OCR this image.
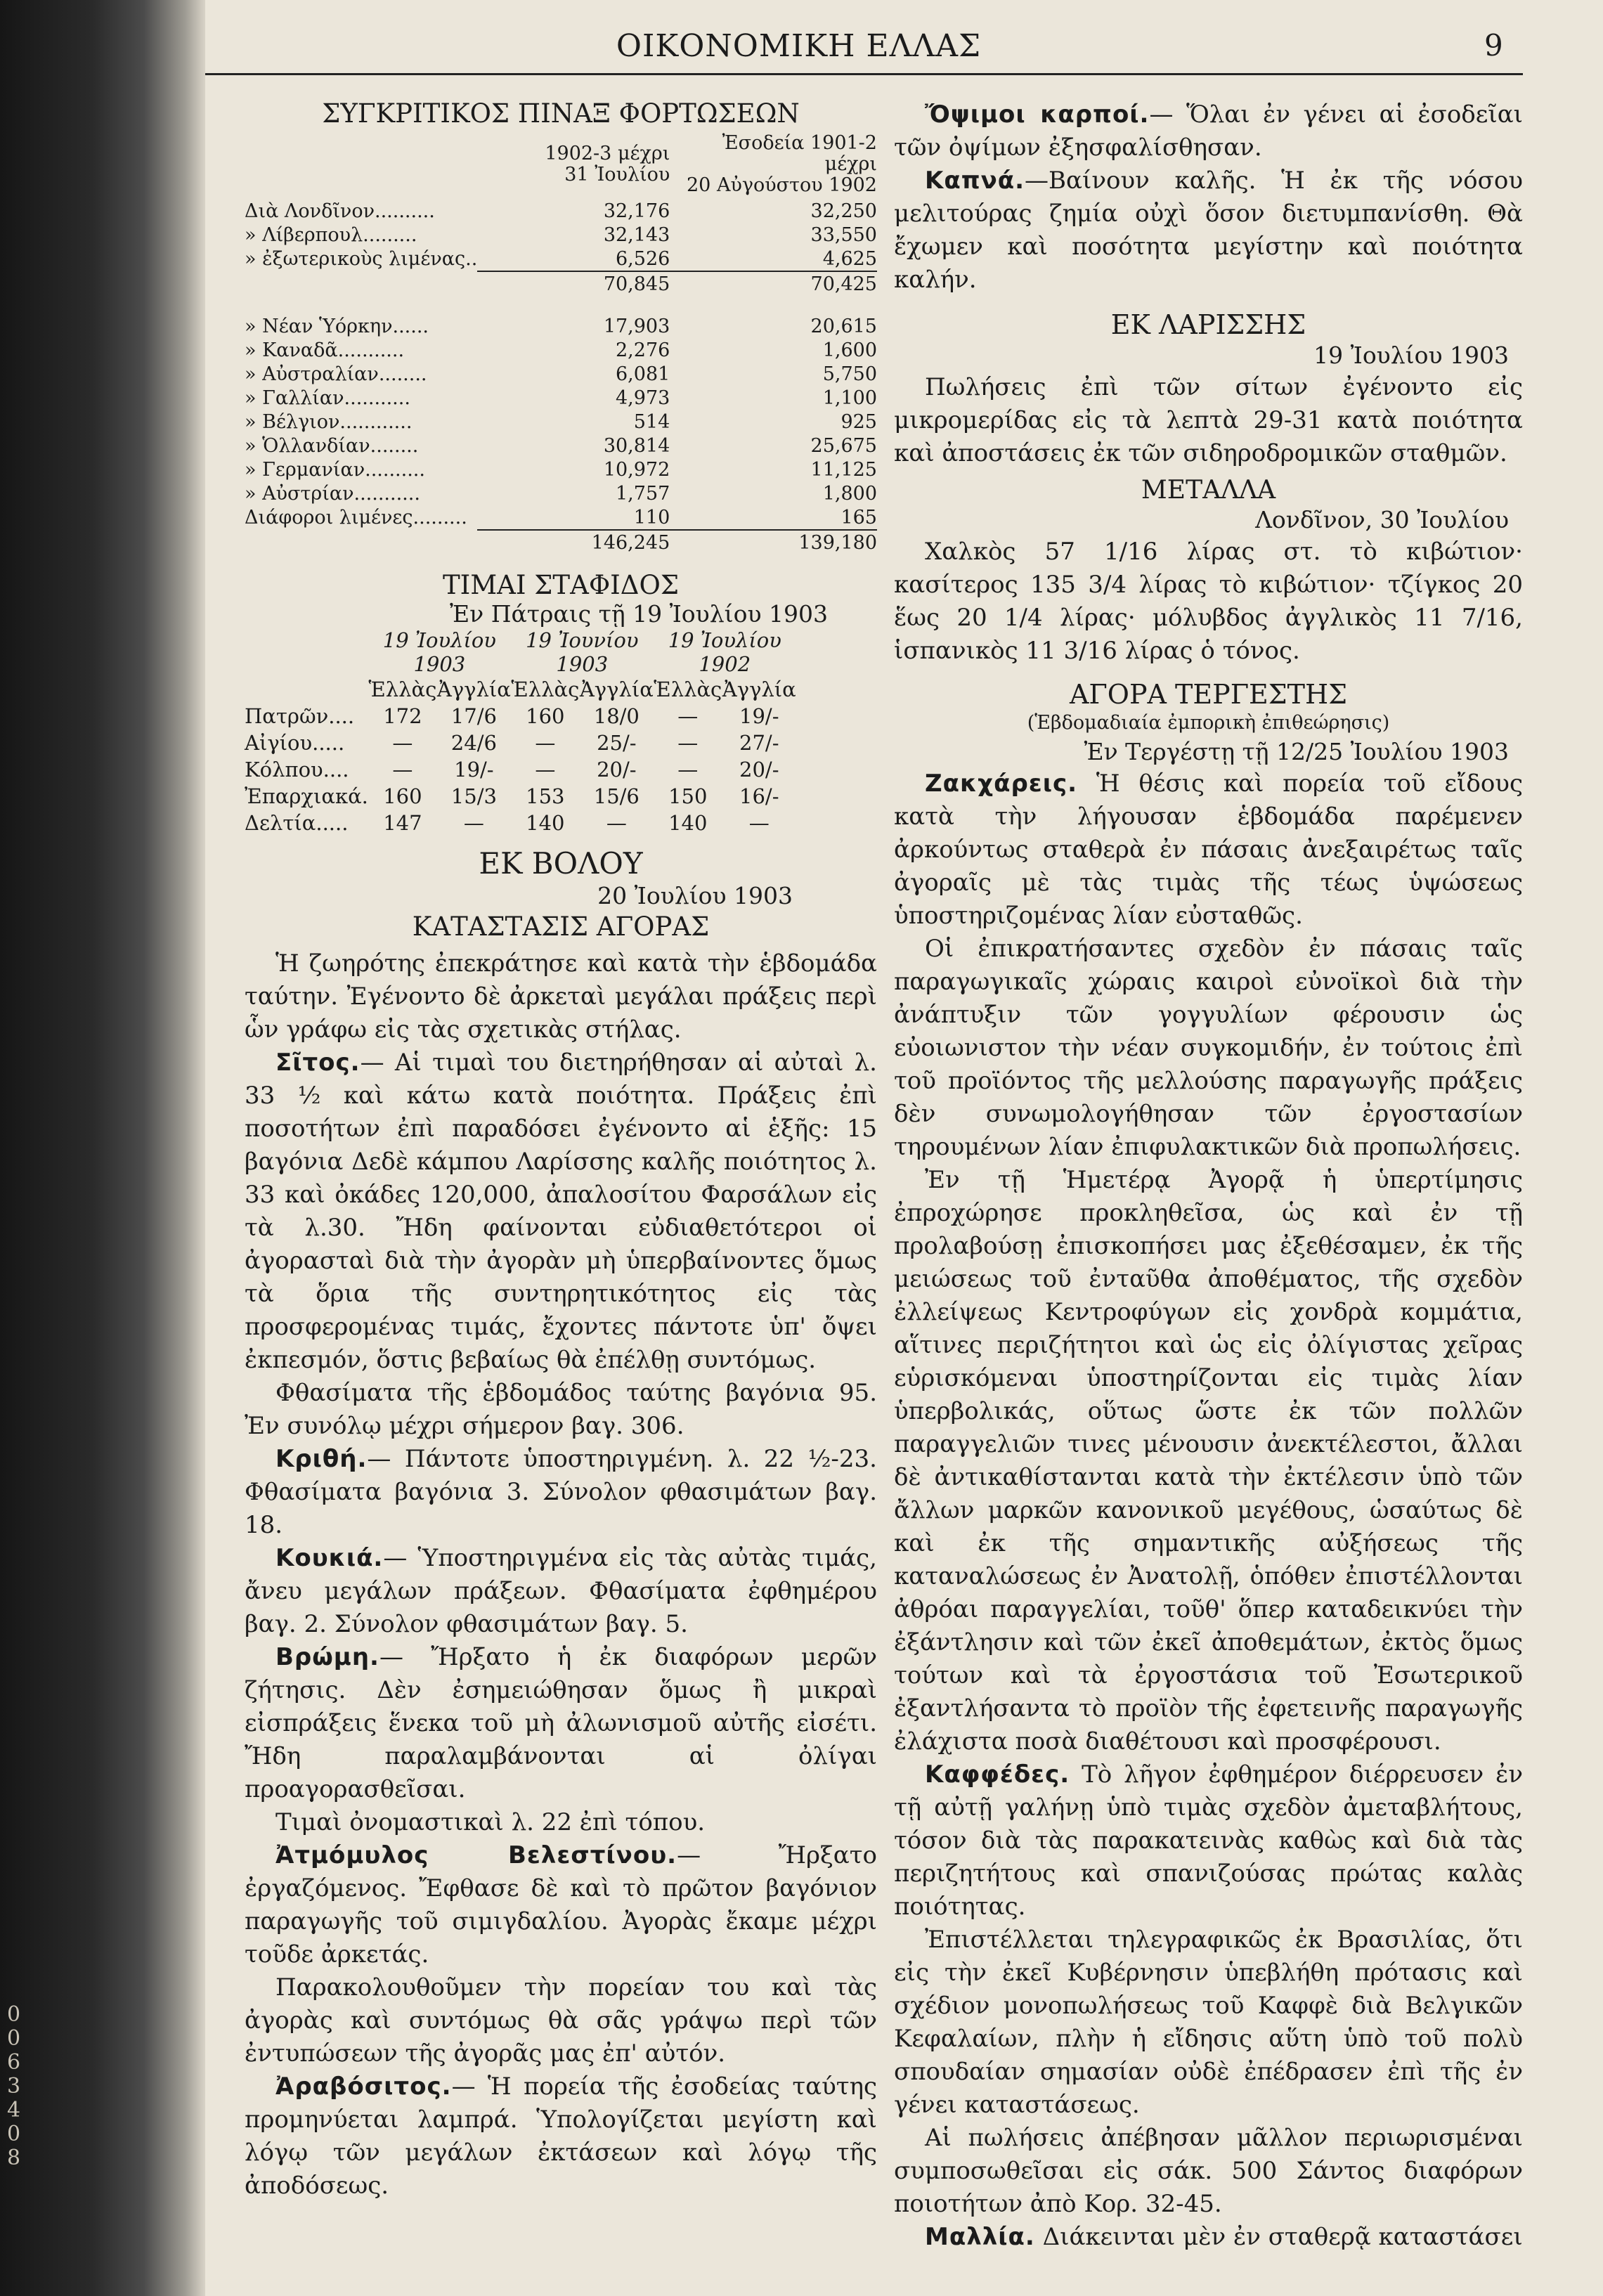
0
0
6
3
4
0
8
ΟΙΚΟΝΟΜΙΚΗ ΕΛΛΑΣ	9
ΣΥΓΚΡΙΤΙΚΟΣ ΠΙΝΑΞ ΦΟΡΤΩΣΕΩΝ
	1902-3 μέχρι
31 Ἰουλίου	Ἐσοδεία 1901-2 μέχρι
20 Αὐγούστου 1902
Διὰ Λονδῖνον..........	32,176	32,250
» Λίβερπουλ.........	32,143	33,550
» ἐξωτερικοὺς λιμένας..	6,526	4,625
	70,845	70,425

» Νέαν Ὑόρκην......	17,903	20,615
» Καναδᾶ...........	2,276	1,600
» Αὐστραλίαν........	6,081	5,750
» Γαλλίαν...........	4,973	1,100
» Βέλγιον............	514	925
» Ὁλλανδίαν........	30,814	25,675
» Γερμανίαν..........	10,972	11,125
» Αὐστρίαν...........	1,757	1,800
Διάφοροι λιμένες.........	110	165
	146,245	139,180
ΤΙΜΑΙ ΣΤΑΦΙΔΟΣ
Ἐν Πάτραις τῇ 19 Ἰουλίου 1903
	19 Ἰουλίου 1903		19 Ἰουνίου 1903		19 Ἰουλίου 1902	
	Ἑλλὰς	Ἀγγλία	Ἑλλὰς	Ἀγγλία	Ἑλλὰς	Ἀγγλία
Πατρῶν....	172	17/6	160	18/0	—	19/-
Αἰγίου.....	—	24/6	—	25/-	—	27/-
Κόλπου....	—	19/-	—	20/-	—	20/-
Ἐπαρχιακά.	160	15/3	153	15/6	150	16/-
Δελτία.....	147	—	140	—	140	—
ΕΚ ΒΟΛΟΥ
20 Ἰουλίου 1903
ΚΑΤΑΣΤΑΣΙΣ ΑΓΟΡΑΣ

Ἡ ζωηρότης ἐπεκράτησε καὶ κατὰ τὴν ἑβδομάδα ταύτην. Ἐγένοντο δὲ ἀρκεταὶ μεγάλαι πράξεις περὶ ὧν γράφω εἰς τὰς σχετικὰς στήλας.

Σῖτος.— Αἱ τιμαὶ του διετηρήθησαν αἱ αὐταὶ λ. 33 ½ καὶ κάτω κατὰ ποιότητα. Πράξεις ἐπὶ ποσοτήτων ἐπὶ παραδόσει ἐγένοντο αἱ ἑξῆς: 15 βαγόνια Δεδὲ κάμπου Λαρίσσης καλῆς ποιότητος λ. 33 καὶ ὀκάδες 120,000, ἀπαλοσίτου Φαρσάλων εἰς τὰ λ.30. Ἤδη φαίνονται εὐδιαθετότεροι οἱ ἀγορασταὶ διὰ τὴν ἀγορὰν μὴ ὑπερβαίνοντες ὅμως τὰ ὅρια τῆς συντηρητικότητος εἰς τὰς προσφερομένας τιμάς, ἔχοντες πάντοτε ὑπ' ὄψει ἐκπεσμόν, ὅστις βεβαίως θὰ ἐπέλθῃ συντόμως.

Φθασίματα τῆς ἑβδομάδος ταύτης βαγόνια 95. Ἐν συνόλῳ μέχρι σήμερον βαγ. 306.

Κριθή.— Πάντοτε ὑποστηριγμένη. λ. 22 ½-23. Φθασίματα βαγόνια 3. Σύνολον φθασιμάτων βαγ. 18.

Κουκιά.— Ὑποστηριγμένα εἰς τὰς αὐτὰς τιμάς, ἄνευ μεγάλων πράξεων. Φθασίματα ἐφθημέρου βαγ. 2. Σύνολον φθασιμάτων βαγ. 5.

Βρώμη.— Ἤρξατο ἡ ἐκ διαφόρων μερῶν ζήτησις. Δὲν ἐσημειώθησαν ὅμως ἢ μικραὶ εἰσπράξεις ἕνεκα τοῦ μὴ ἀλωνισμοῦ αὐτῆς εἰσέτι. Ἤδη παραλαμβάνονται αἱ ὀλίγαι προαγορασθεῖσαι.

Τιμαὶ ὀνομαστικαὶ λ. 22 ἐπὶ τόπου.

Ἀτμόμυλος Βελεστίνου.— Ἤρξατο ἐργαζόμενος. Ἔφθασε δὲ καὶ τὸ πρῶτον βαγόνιον παραγωγῆς τοῦ σιμιγδαλίου. Ἀγορὰς ἔκαμε μέχρι τοῦδε ἀρκετάς.

Παρακολουθοῦμεν τὴν πορείαν του καὶ τὰς ἀγορὰς καὶ συντόμως θὰ σᾶς γράψω περὶ τῶν ἐντυπώσεων τῆς ἀγορᾶς μας ἐπ' αὐτόν.

Ἀραβόσιτος.— Ἡ πορεία τῆς ἐσοδείας ταύτης προμηνύεται λαμπρά. Ὑπολογίζεται μεγίστη καὶ λόγῳ τῶν μεγάλων ἐκτάσεων καὶ λόγῳ τῆς ἀποδόσεως.

Ὄψιμοι καρποί.— Ὅλαι ἐν γένει αἱ ἐσοδεῖαι τῶν ὀψίμων ἐξησφαλίσθησαν.

Καπνά.—Βαίνουν καλῆς. Ἡ ἐκ τῆς νόσου μελιτούρας ζημία οὐχὶ ὅσον διετυμπανίσθη. Θὰ ἔχωμεν καὶ ποσότητα μεγίστην καὶ ποιότητα καλήν.

ΕΚ ΛΑΡΙΣΣΗΣ
19 Ἰουλίου 1903

Πωλήσεις ἐπὶ τῶν σίτων ἐγένοντο εἰς μικρομερίδας εἰς τὰ λεπτὰ 29-31 κατὰ ποιότητα καὶ ἀποστάσεις ἐκ τῶν σιδηροδρομικῶν σταθμῶν.

ΜΕΤΑΛΛΑ
Λονδῖνον, 30 Ἰουλίου

Χαλκὸς 57 1/16 λίρας στ. τὸ κιβώτιον· κασίτερος 135 3/4 λίρας τὸ κιβώτιον· τζίγκος 20 ἕως 20 1/4 λίρας· μόλυβδος ἀγγλικὸς 11 7/16, ἱσπανικὸς 11 3/16 λίρας ὁ τόνος.

ΑΓΟΡΑ ΤΕΡΓΕΣΤΗΣ
(Ἑβδομαδιαία ἐμπορικὴ ἐπιθεώρησις)
Ἐν Τεργέστῃ τῇ 12/25 Ἰουλίου 1903

Ζακχάρεις. Ἡ θέσις καὶ πορεία τοῦ εἴδους κατὰ τὴν λήγουσαν ἑβδομάδα παρέμενεν ἀρκούντως σταθερὰ ἐν πάσαις ἀνεξαιρέτως ταῖς ἀγοραῖς μὲ τὰς τιμὰς τῆς τέως ὑψώσεως ὑποστηριζομένας λίαν εὐσταθῶς.

Οἱ ἐπικρατήσαντες σχεδὸν ἐν πάσαις ταῖς παραγωγικαῖς χώραις καιροὶ εὐνοϊκοὶ διὰ τὴν ἀνάπτυξιν τῶν γογγυλίων φέρουσιν ὡς εὐοιωνιστον τὴν νέαν συγκομιδήν, ἐν τούτοις ἐπὶ τοῦ προϊόντος τῆς μελλούσης παραγωγῆς πράξεις δὲν συνωμολογήθησαν τῶν ἐργοστασίων τηρουμένων λίαν ἐπιφυλακτικῶν διὰ προπωλήσεις.

Ἐν τῇ Ἡμετέρᾳ Ἀγορᾷ ἡ ὑπερτίμησις ἐπροχώρησε προκληθεῖσα, ὡς καὶ ἐν τῇ προλαβούσῃ ἐπισκοπήσει μας ἐξεθέσαμεν, ἐκ τῆς μειώσεως τοῦ ἐνταῦθα ἀποθέματος, τῆς σχεδὸν ἐλλείψεως Κεντροφύγων εἰς χονδρὰ κομμάτια, αἵτινες περιζήτητοι καὶ ὡς εἰς ὀλίγιστας χεῖρας εὑρισκόμεναι ὑποστηρίζονται εἰς τιμὰς λίαν ὑπερβολικάς, οὕτως ὥστε ἐκ τῶν πολλῶν παραγγελιῶν τινες μένουσιν ἀνεκτέλεστοι, ἄλλαι δὲ ἀντικαθίστανται κατὰ τὴν ἐκτέλεσιν ὑπὸ τῶν ἄλλων μαρκῶν κανονικοῦ μεγέθους, ὡσαύτως δὲ καὶ ἐκ τῆς σημαντικῆς αὐξήσεως τῆς καταναλώσεως ἐν Ἀνατολῇ, ὁπόθεν ἐπιστέλλονται ἀθρόαι παραγγελίαι, τοῦθ' ὅπερ καταδεικνύει τὴν ἐξάντλησιν καὶ τῶν ἐκεῖ ἀποθεμάτων, ἐκτὸς ὅμως τούτων καὶ τὰ ἐργοστάσια τοῦ Ἐσωτερικοῦ ἐξαντλήσαντα τὸ προϊὸν τῆς ἐφετεινῆς παραγωγῆς ἐλάχιστα ποσὰ διαθέτουσι καὶ προσφέρουσι.

Καφφέδες. Τὸ λῆγον ἐφθημέρον διέρρευσεν ἐν τῇ αὐτῇ γαλήνῃ ὑπὸ τιμὰς σχεδὸν ἀμεταβλήτους, τόσον διὰ τὰς παρακατεινὰς καθὼς καὶ διὰ τὰς περιζητήτους καὶ σπανιζούσας πρώτας καλὰς ποιότητας.

Ἐπιστέλλεται τηλεγραφικῶς ἐκ Βρασιλίας, ὅτι εἰς τὴν ἐκεῖ Κυβέρνησιν ὑπεβλήθη πρότασις καὶ σχέδιον μονοπωλήσεως τοῦ Καφφὲ διὰ Βελγικῶν Κεφαλαίων, πλὴν ἡ εἴδησις αὕτη ὑπὸ τοῦ πολὺ σπουδαίαν σημασίαν οὐδὲ ἐπέδρασεν ἐπὶ τῆς ἐν γένει καταστάσεως.

Αἱ πωλήσεις ἀπέβησαν μᾶλλον περιωρισμέναι συμποσωθεῖσαι εἰς σάκ. 500 Σάντος διαφόρων ποιοτήτων ἀπὸ Κορ. 32-45.

Μαλλία. Διάκεινται μὲν ἐν σταθερᾷ καταστάσει
